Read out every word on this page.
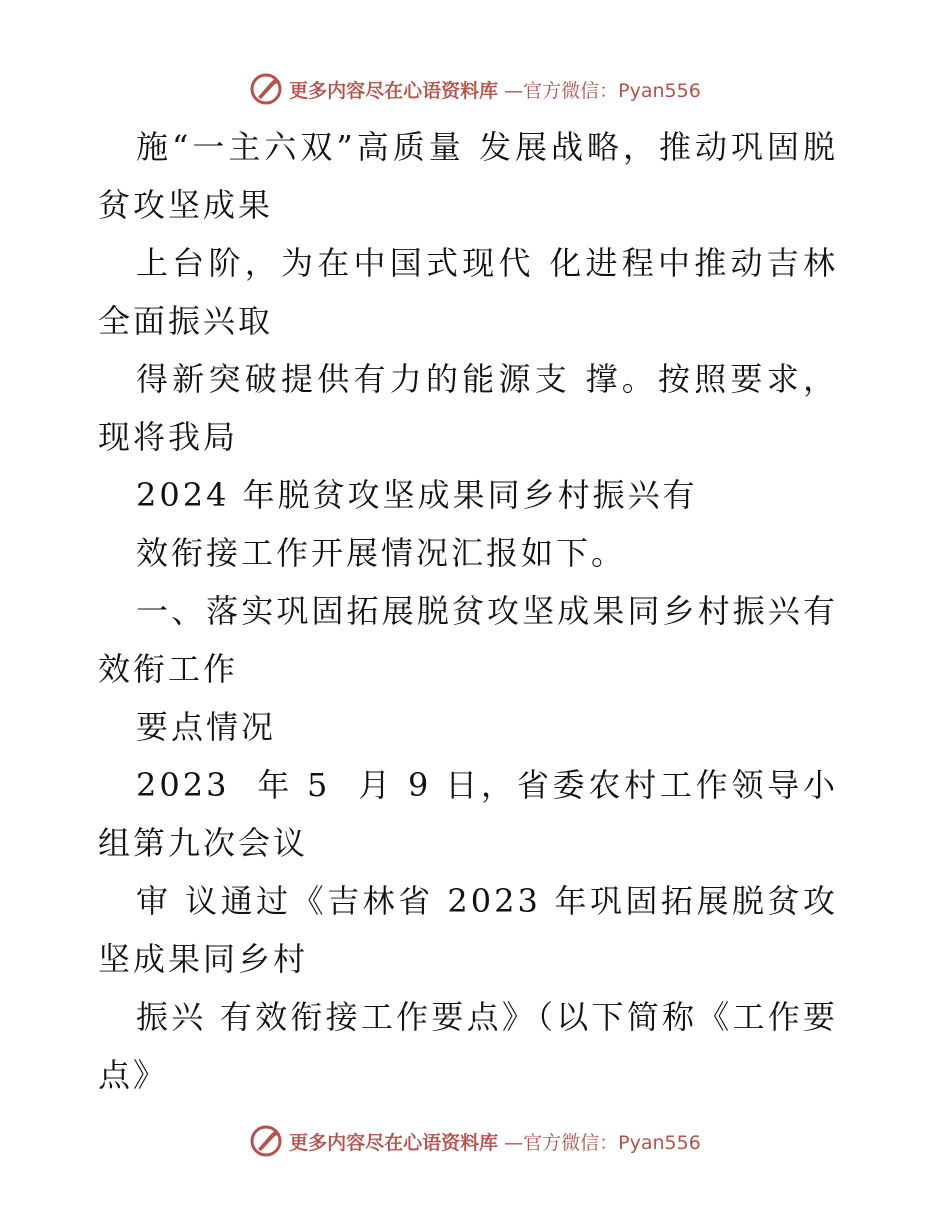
更多内容尽在心语资料库 —官方微信：Pyan556

施“一主六双”高质量 发展战略，推动巩固脱贫攻坚成果

上台阶，为在中国式现代 化进程中推动吉林全面振兴取

得新突破提供有力的能源支 撑。按照要求，现将我局

2024 年脱贫攻坚成果同乡村振兴有

效衔接工作开展情况汇报如下。

一、落实巩固拓展脱贫攻坚成果同乡村振兴有效衔工作

要点情况

2023  年 5  月 9 日，省委农村工作领导小组第九次会议

审 议通过《吉林省 2023 年巩固拓展脱贫攻坚成果同乡村

振兴 有效衔接工作要点》（以下简称《工作要点》

更多内容尽在心语资料库 —官方微信：Pyan556
